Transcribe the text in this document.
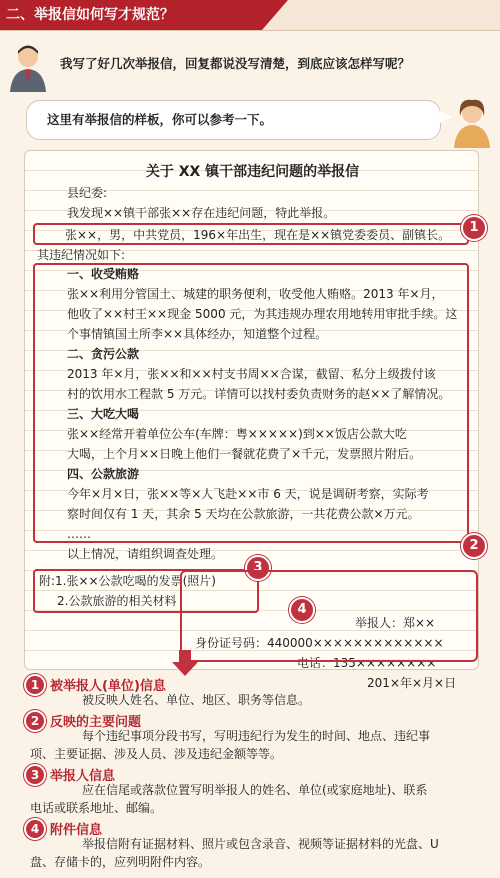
二、举报信如何写才规范？
我写了好几次举报信，回复都说没写清楚，到底应该怎样写呢？
这里有举报信的样板，你可以参考一下。
关于 XX 镇干部违纪问题的举报信
县纪委:
我发现××镇干部张××存在违纪问题，特此举报。
张××，男，中共党员，196×年出生，现在是××镇党委委员、副镇长。
其违纪情况如下:
一、收受贿赂
张××利用分管国土、城建的职务便利，收受他人贿赂。2013 年×月，
他收了××村王××现金 5000 元，为其违规办理农用地转用审批手续。这
个事情镇国土所李××具体经办，知道整个过程。
二、贪污公款
2013 年×月，张××和××村支书周××合谋，截留、私分上级拨付该
村的饮用水工程款 5 万元。详情可以找村委负责财务的赵××了解情况。
三、大吃大喝
张××经常开着单位公车(车牌：粤×××××)到××饭店公款大吃
大喝，上个月××日晚上他们一餐就花费了×千元，发票照片附后。
四、公款旅游
今年×月×日，张××等×人飞赴××市 6 天，说是调研考察，实际考
察时间仅有 1 天，其余 5 天均在公款旅游，一共花费公款×万元。
……
以上情况，请组织调查处理。
附:1.张××公款吃喝的发票(照片)
2.公款旅游的相关材料
举报人：郑××
身份证号码：440000×××××××××××××
电话：135××××××××
201×年×月×日
1
2
3
4
1 被举报人(单位)信息
被反映人姓名、单位、地区、职务等信息。
2 反映的主要问题
每个违纪事项分段书写，写明违纪行为发生的时间、地点、违纪事
项、主要证据、涉及人员、涉及违纪金额等等。
3 举报人信息
应在信尾或落款位置写明举报人的姓名、单位(或家庭地址)、联系
电话或联系地址、邮编。
4 附件信息
举报信附有证据材料、照片或包含录音、视频等证据材料的光盘、U
盘、存储卡的，应列明附件内容。
